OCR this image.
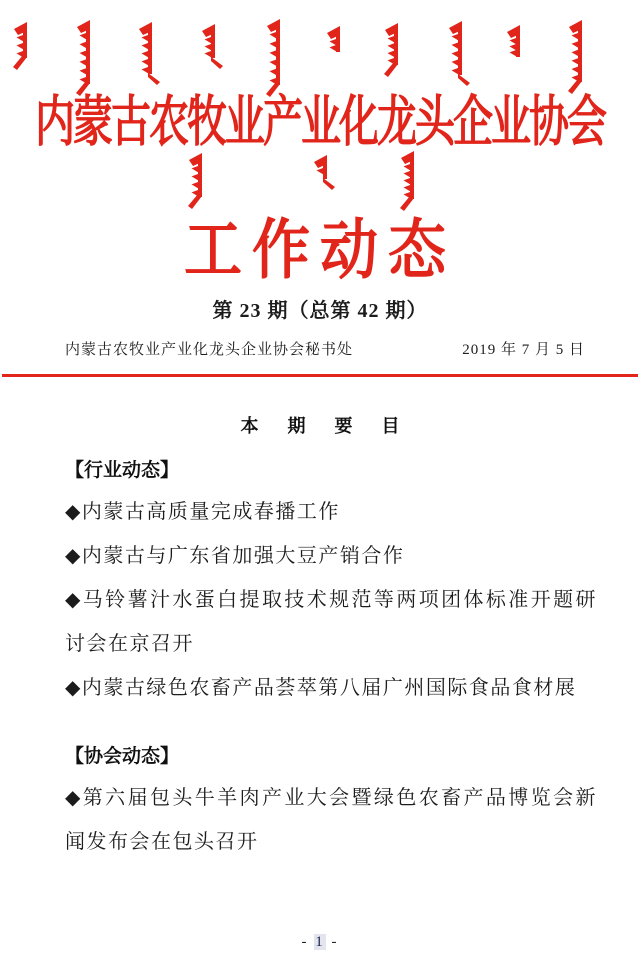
内蒙古农牧业产业化龙头企业协会
工作动态
第 23 期（总第 42 期）
内蒙古农牧业产业化龙头企业协会秘书处	2019 年 7 月 5 日
本 期 要 目
【行业动态】
◆内蒙古高质量完成春播工作
◆内蒙古与广东省加强大豆产销合作
◆马铃薯汁水蛋白提取技术规范等两项团体标准开题研讨会在京召开
◆内蒙古绿色农畜产品荟萃第八届广州国际食品食材展
【协会动态】
◆第六届包头牛羊肉产业大会暨绿色农畜产品博览会新闻发布会在包头召开
- 1 -
